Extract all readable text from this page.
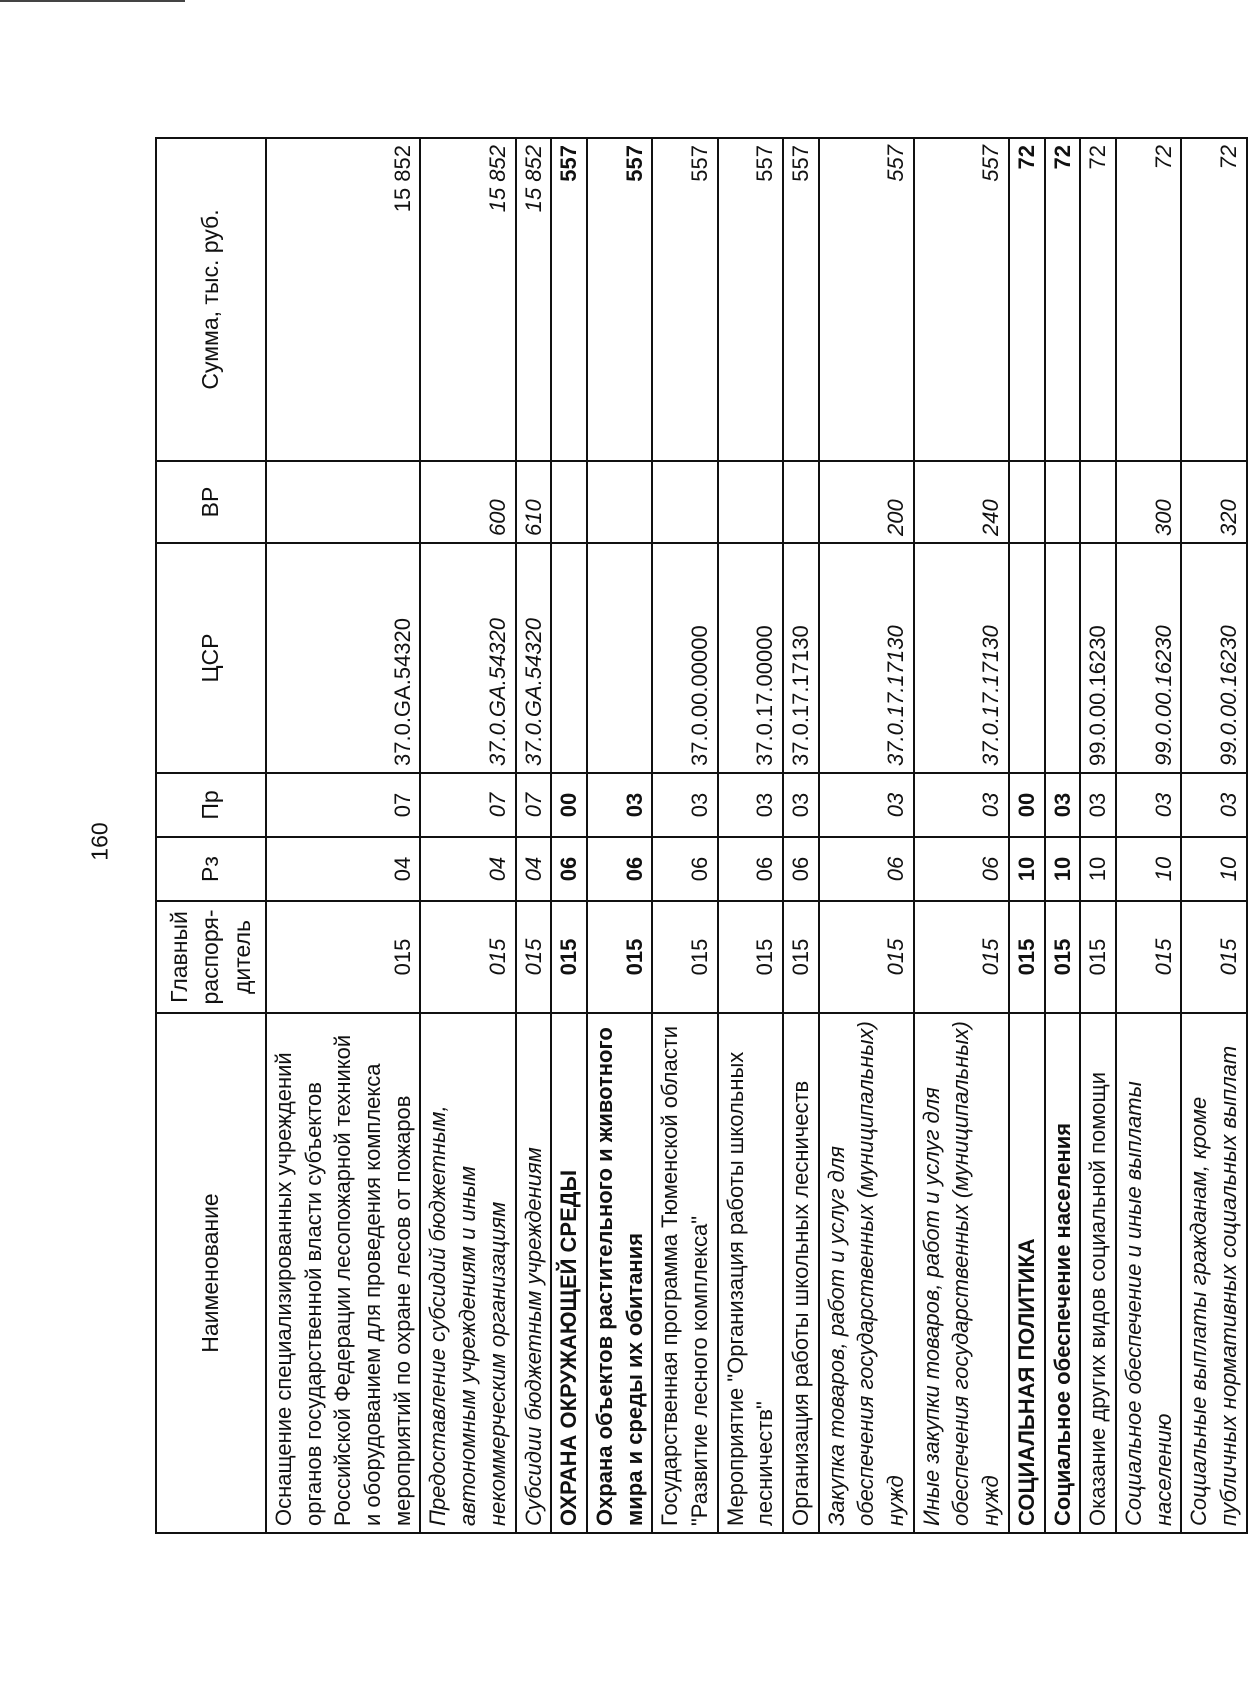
160
Наименование	Главный распоря-дитель	Рз	Пр	ЦСР	ВР	Сумма, тыс. руб.
Оснащение специализированных учреждений органов государственной власти субъектов Российской Федерации лесопожарной техникой и оборудованием для проведения комплекса мероприятий по охране лесов от пожаров	015	04	07	37.0.GA.54320		15 852
Предоставление субсидий бюджетным, автономным учреждениям и иным некоммерческим организациям	015	04	07	37.0.GA.54320	600	15 852
Субсидии бюджетным учреждениям	015	04	07	37.0.GA.54320	610	15 852
ОХРАНА ОКРУЖАЮЩЕЙ СРЕДЫ	015	06	00			557
Охрана объектов растительного и животного мира и среды их обитания	015	06	03			557
Государственная программа Тюменской области "Развитие лесного комплекса"	015	06	03	37.0.00.00000		557
Мероприятие "Организация работы школьных лесничеств"	015	06	03	37.0.17.00000		557
Организация работы школьных лесничеств	015	06	03	37.0.17.17130		557
Закупка товаров, работ и услуг для обеспечения государственных (муниципальных) нужд	015	06	03	37.0.17.17130	200	557
Иные закупки товаров, работ и услуг для обеспечения государственных (муниципальных) нужд	015	06	03	37.0.17.17130	240	557
СОЦИАЛЬНАЯ ПОЛИТИКА	015	10	00			72
Социальное обеспечение населения	015	10	03			72
Оказание других видов социальной помощи	015	10	03	99.0.00.16230		72
Социальное обеспечение и иные выплаты населению	015	10	03	99.0.00.16230	300	72
Социальные выплаты гражданам, кроме публичных нормативных социальных выплат	015	10	03	99.0.00.16230	320	72
